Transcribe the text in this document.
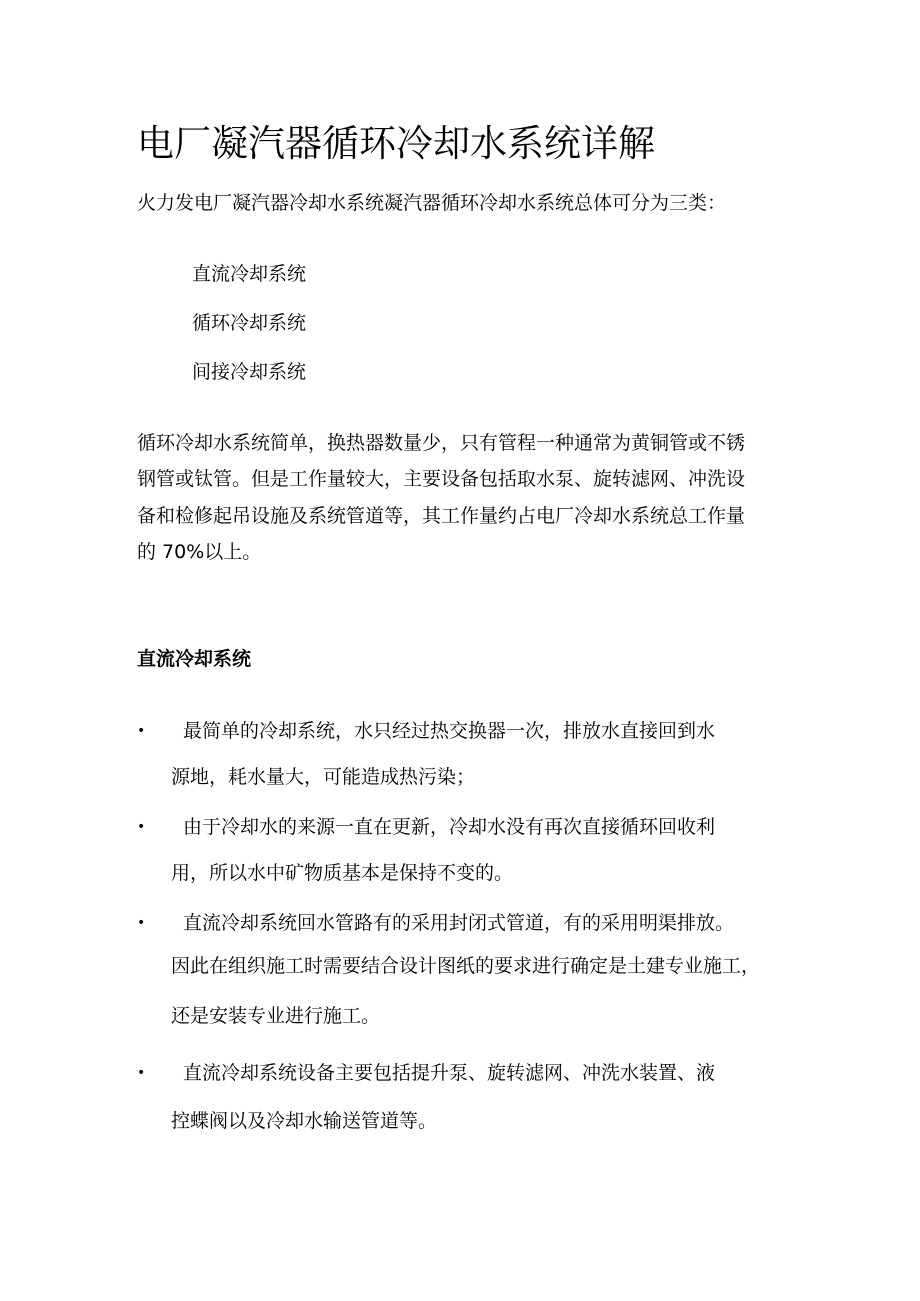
电厂凝汽器循环冷却水系统详解

火力发电厂凝汽器冷却水系统凝汽器循环冷却水系统总体可分为三类：

直流冷却系统
循环冷却系统
间接冷却系统

循环冷却水系统简单，换热器数量少，只有管程一种通常为黄铜管或不锈
钢管或钛管。但是工作量较大，主要设备包括取水泵、旋转滤网、冲洗设
备和检修起吊设施及系统管道等，其工作量约占电厂冷却水系统总工作量
的 70%以上。

直流冷却系统
•	最简单的冷却系统，水只经过热交换器一次，排放水直接回到水
源地，耗水量大，可能造成热污染；
•	由于冷却水的来源一直在更新，冷却水没有再次直接循环回收利
用，所以水中矿物质基本是保持不变的。
•	直流冷却系统回水管路有的采用封闭式管道，有的采用明渠排放。
因此在组织施工时需要结合设计图纸的要求进行确定是土建专业施工，
还是安装专业进行施工。
•	直流冷却系统设备主要包括提升泵、旋转滤网、冲洗水装置、液
控蝶阀以及冷却水输送管道等。
